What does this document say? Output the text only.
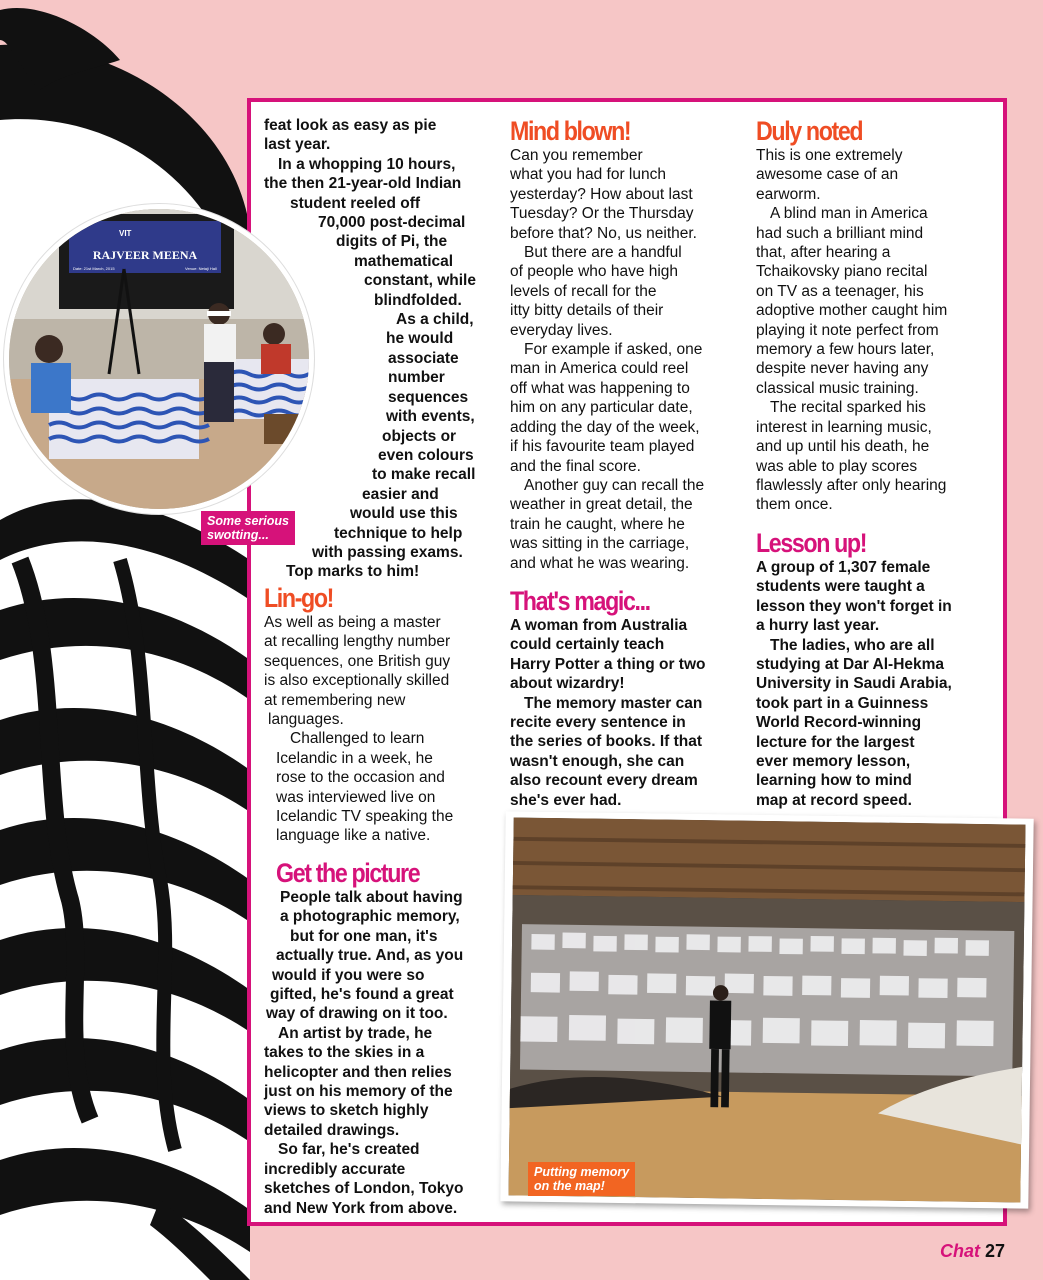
feat look as easy as pie

last year.

In a whopping 10 hours,

the then 21-year-old Indian

student reeled off

70,000 post-decimal

digits of Pi, the

mathematical

constant, while

blindfolded.

As a child,

he would

associate

number

sequences

with events,

objects or

even colours

to make recall

easier and

would use this

technique to help

with passing exams.

Top marks to him!

Lin-go!

As well as being a master

at recalling lengthy number

sequences, one British guy

is also exceptionally skilled

at remembering new

languages.

Challenged to learn

Icelandic in a week, he

rose to the occasion and

was interviewed live on

Icelandic TV speaking the

language like a native.

Get the picture

People talk about having

a photographic memory,

but for one man, it's

actually true. And, as you

would if you were so

gifted, he's found a great

way of drawing on it too.

An artist by trade, he

takes to the skies in a

helicopter and then relies

just on his memory of the

views to sketch highly

detailed drawings.

So far, he's created

incredibly accurate

sketches of London, Tokyo

and New York from above.

Mind blown!

Can you remember

what you had for lunch

yesterday? How about last

Tuesday? Or the Thursday

before that? No, us neither.

But there are a handful

of people who have high

levels of recall for the

itty bitty details of their

everyday lives.

For example if asked, one

man in America could reel

off what was happening to

him on any particular date,

adding the day of the week,

if his favourite team played

and the final score.

Another guy can recall the

weather in great detail, the

train he caught, where he

was sitting in the carriage,

and what he was wearing.

That's magic...

A woman from Australia

could certainly teach

Harry Potter a thing or two

about wizardry!

The memory master can

recite every sentence in

the series of books. If that

wasn't enough, she can

also recount every dream

she's ever had.

Duly noted

This is one extremely

awesome case of an

earworm.

A blind man in America

had such a brilliant mind

that, after hearing a

Tchaikovsky piano recital

on TV as a teenager, his

adoptive mother caught him

playing it note perfect from

memory a few hours later,

despite never having any

classical music training.

The recital sparked his

interest in learning music,

and up until his death, he

was able to play scores

flawlessly after only hearing

them once.

Lesson up!

A group of 1,307 female

students were taught a

lesson they won't forget in

a hurry last year.

The ladies, who are all

studying at Dar Al-Hekma

University in Saudi Arabia,

took part in a Guinness

World Record-winning

lecture for the largest

ever memory lesson,

learning how to mind

map at record speed.

RAJVEER MEENA
VIT
Date: 21st March, 2015	Venue: Netaji Hall
Some serious
swotting...
Putting memory
on the map!
Chat 27
